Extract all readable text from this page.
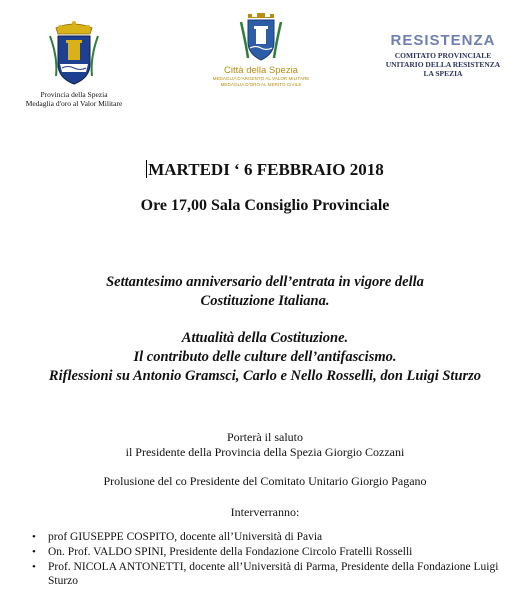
Provincia della Spezia
Medaglia d'oro al Valor Militare
Città della Spezia
MEDAGLIA D'ARGENTO AL VALOR MILITARE
MEDAGLIA D'ORO AL MERITO CIVILE
RESISTENZA
COMITATO PROVINCIALE
UNITARIO DELLA RESISTENZA
LA SPEZIA
MARTEDI ‘ 6 FEBBRAIO 2018
Ore 17,00 Sala Consiglio Provinciale
Settantesimo anniversario dell’entrata in vigore della
Costituzione Italiana.
Attualità della Costituzione.
Il contributo delle culture dell’antifascismo.
Riflessioni su Antonio Gramsci, Carlo e Nello Rosselli, don Luigi Sturzo
Porterà il saluto
il Presidente della Provincia della Spezia Giorgio Cozzani
Prolusione del co Presidente del Comitato Unitario Giorgio Pagano
Interverranno:
• prof GIUSEPPE COSPITO, docente all’Università di Pavia
• On. Prof. VALDO SPINI, Presidente della Fondazione Circolo Fratelli Rosselli
• Prof. NICOLA ANTONETTI, docente all’Università di Parma, Presidente della Fondazione Luigi Sturzo
